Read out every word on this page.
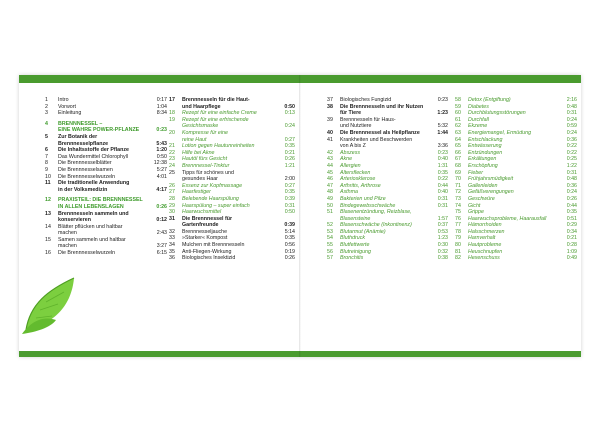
1	Intro	0:17
2	Vorwort	1:04
3	Einleitung	8:34
4	BRENNNESSEL –
EINE WAHRE POWER-PFLANZE	0:23
5	Zur Botanik der
Brennnesselpflanze	5:43
6	Die Inhaltsstoffe der Pflanze	1:20
7	Das Wundermittel Chlorophyll	0:50
8	Die Brennnesselblätter	12:38
9	Die Brennnesselsamen	5:27
10	Die Brennnesselwurzeln	4:01
11	Die traditionelle Anwendung
in der Volksmedizin	4:17
12	PRAXISTEIL: DIE BRENNNESSEL
IN ALLEN LEBENSLAGEN	0:26
13	Brennnesseln sammeln und
konservieren	0:12
14	Blätter pflücken und haltbar
machen	2:43
15	Samen sammeln und haltbar
machen	3:27
16	Die Brennnesselwurzeln	6:15
17	Brennnesseln für die Haut-
und Haarpflege	0:50
18	Rezept für eine einfache Creme	0:13
19	Rezept für eine erfrischende
Gesichtsmaske	0:24
20	Kompresse für eine
reine Haut	0:27
21	Lotion gegen Hautunreinheiten	0:35
22	Hilfe bei Akne	0:21
23	Hautöl fürs Gesicht	0:26
24	Brennnessel-Tinktur	1:21
25	Tipps für schönes und
gesundes Haar	2:00
26	Essenz zur Kopfmassage	0:27
27	Haarfestiger	0:35
28	Belebende Haarspülung	0:39
29	Haarspülung – super einfach	0:31
30	Haarwuchsmittel	0:50
31	Die Brennnessel für
Gartenfreunde	0:39
32	Brennnesseljauche	5:14
33	»Starker« Kompost	0:35
34	Mulchen mit Brennnesseln	0:56
35	Anti-Fliegen-Wirkung	0:19
36	Biologisches Insektizid	0:26
37	Biologisches Fungizid	0:23
38	Die Brennnesseln und ihr Nutzen
für Tiere	1:23
39	Brennnesseln für Haus-
und Nutztiere	5:32
40	Die Brennnessel als Heilpflanze	1:44
41	Krankheiten und Beschwerden
von A bis Z	3:36
42	Abszess	0:23
43	Akne	0:40
44	Allergien	1:31
45	Altersflecken	0:35
46	Arteriosklerose	0:22
47	Arthritis, Arthrose	0:44
48	Asthma	0:40
49	Bakterien und Pilze	0:31
50	Bindegewebsschwäche	0:31
51	Blasenentzündung, Reizblase,
Blasensteine	1:57
52	Blasenschwäche (Inkontinenz)	0:37
53	Blutarmut (Anämie)	0:53
54	Bluthdruck	1:23
55	Blutfettwerte	0:30
56	Blutreinigung	0:32
57	Bronchitis	0:38
58	Detox (Entgiftung)	2:16
59	Diabetes	0:48
60	Durchblutungsstörungen	0:31
61	Durchfall	0:24
62	Ekzeme	0:59
63	Energiemangel, Ermüdung	0:24
64	Entschlackung	0:36
65	Entwässerung	0:22
66	Entzündungen	0:22
67	Erkältungen	0:25
68	Erschöpfung	1:22
69	Fieber	0:31
70	Frühjahrsmüdigkeit	0:48
71	Gallenleiden	0:36
72	Gefäßverengungen	0:24
73	Geschwüre	0:26
74	Gicht	0:44
75	Grippe	0:35
76	Haarwuchsprobleme, Haarausfall	0:51
77	Hämorrhoiden	0:29
78	Halsschmerzen	0:34
79	Harnverhalt	0:21
80	Hautprobleme	0:28
81	Heuschnupfen	1:09
82	Hexenschuss	0:49
